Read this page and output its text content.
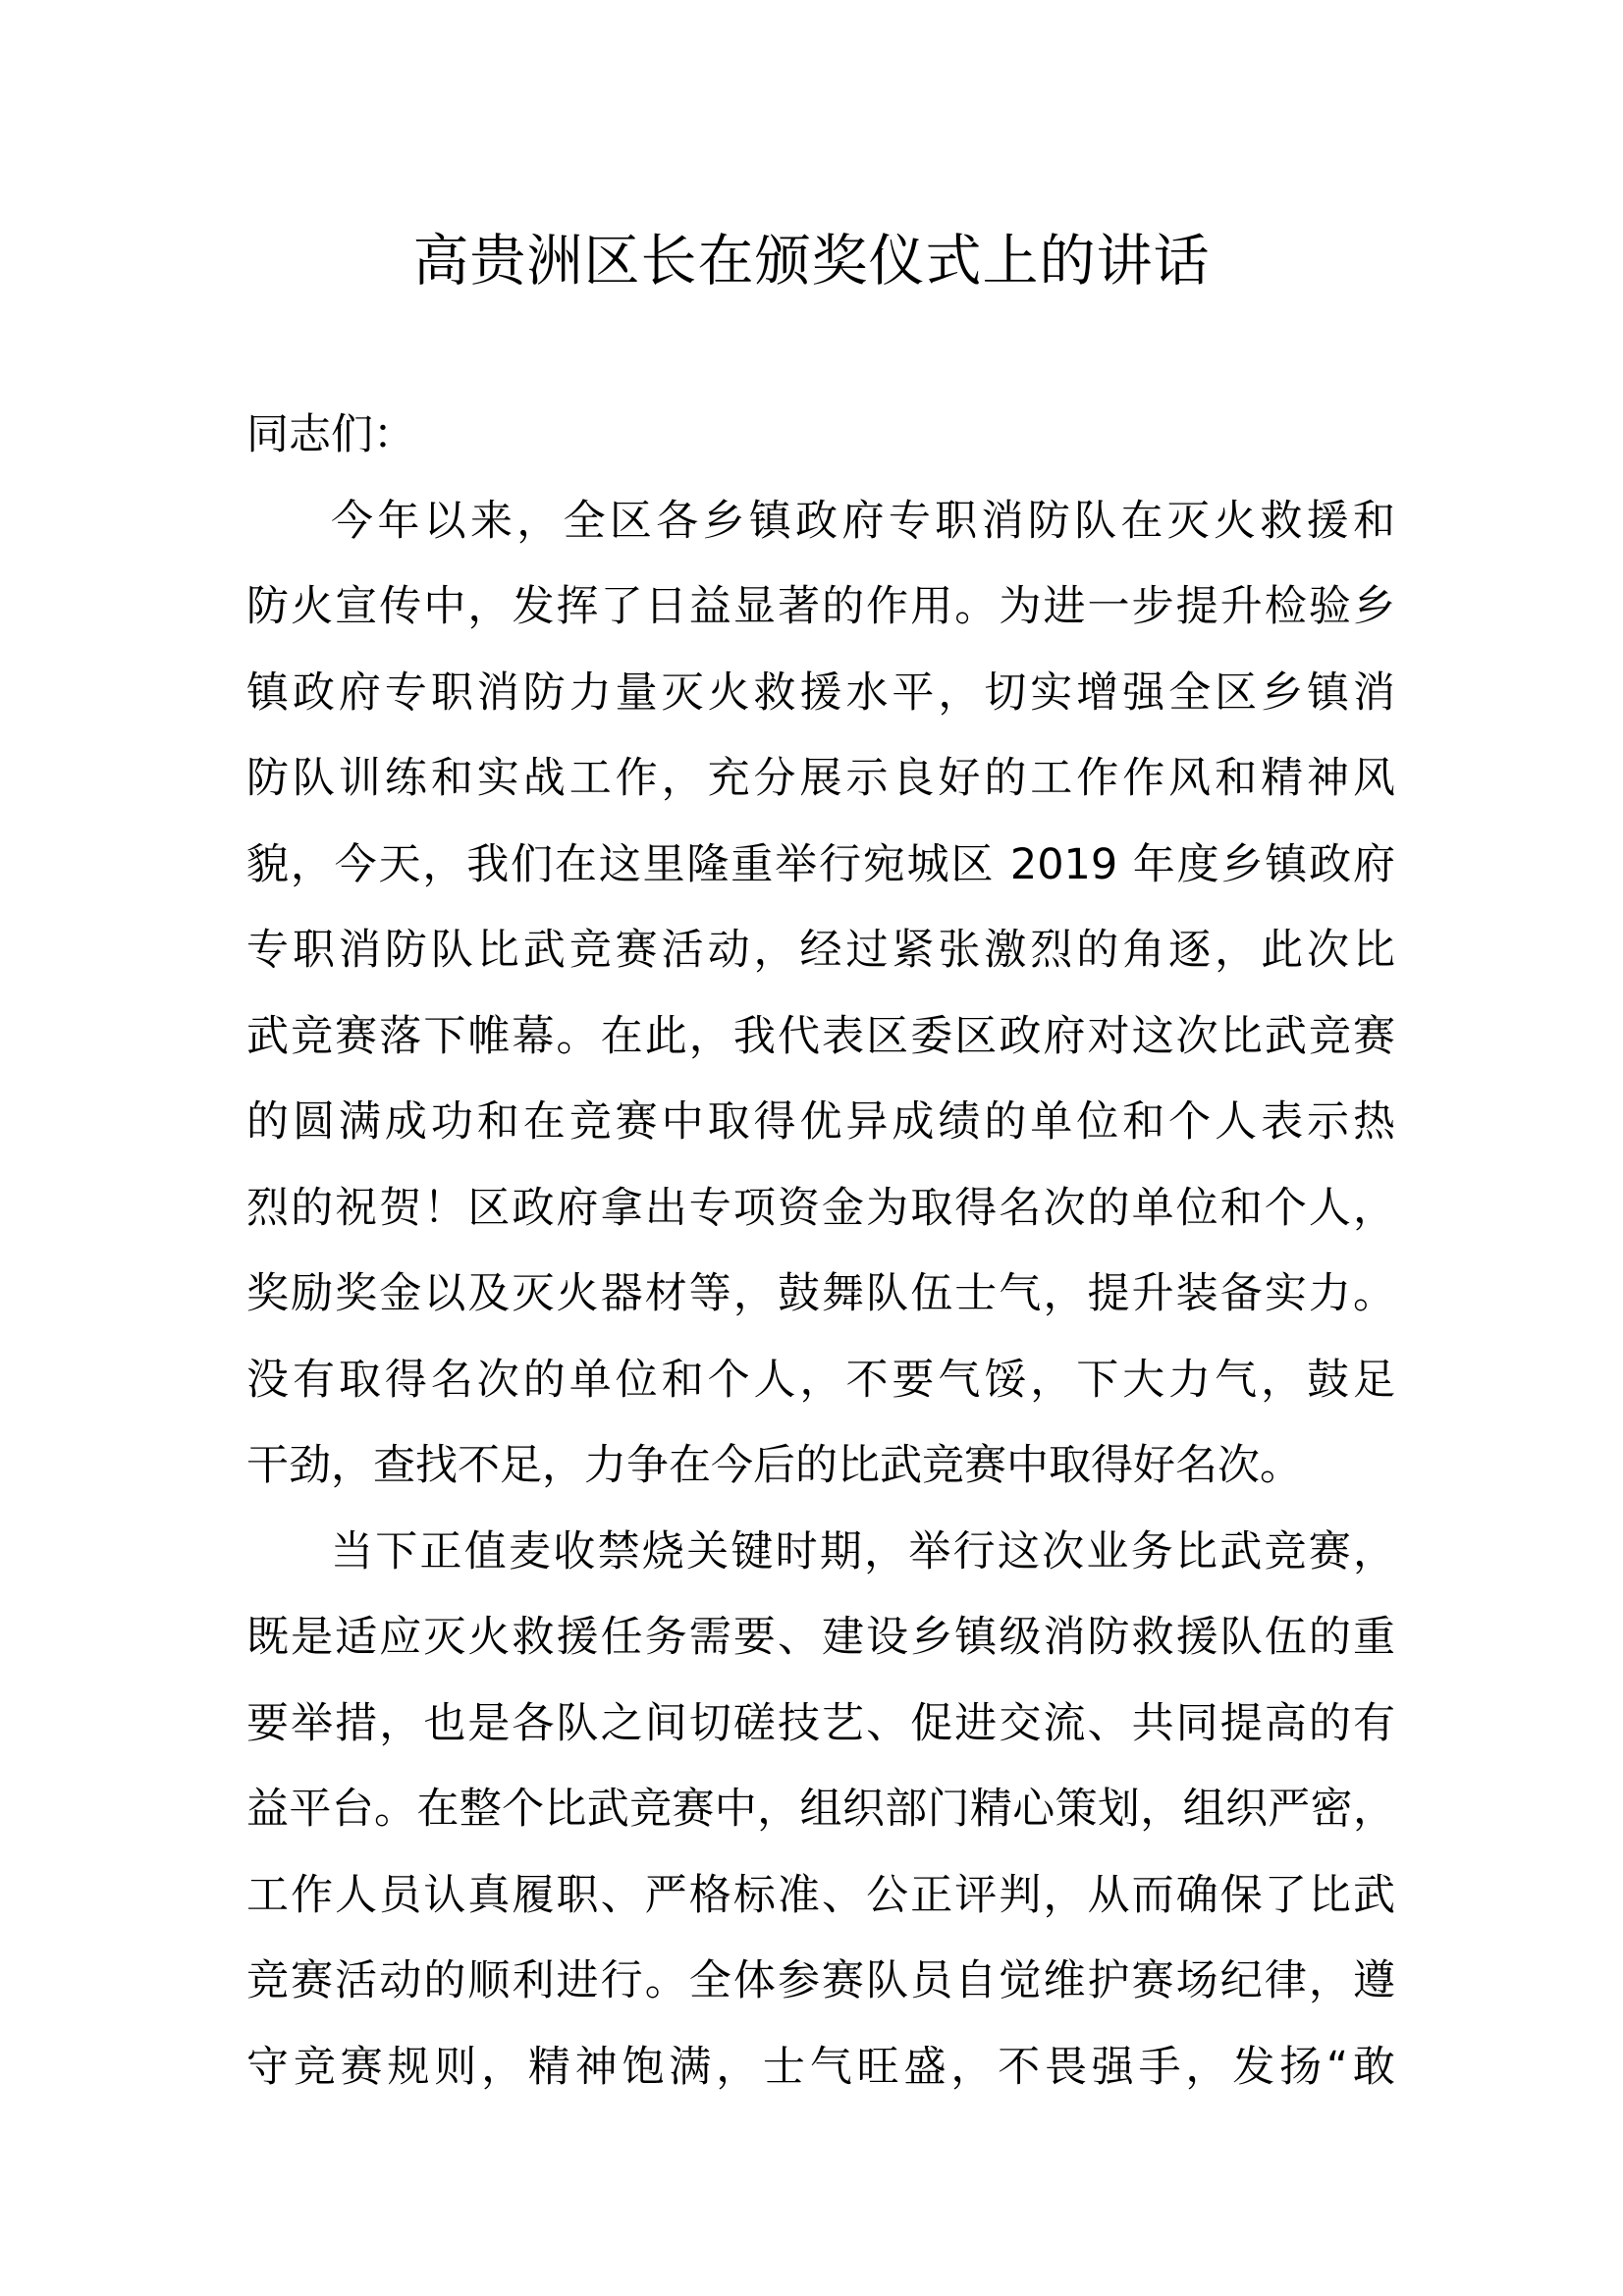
高贵洲区长在颁奖仪式上的讲话
同志们：
今年以来，全区各乡镇政府专职消防队在灭火救援和
防火宣传中，发挥了日益显著的作用。为进一步提升检验乡
镇政府专职消防力量灭火救援水平，切实增强全区乡镇消
防队训练和实战工作，充分展示良好的工作作风和精神风
貌，今天，我们在这里隆重举行宛城区 2019 年度乡镇政府
专职消防队比武竞赛活动，经过紧张激烈的角逐，此次比
武竞赛落下帷幕。在此，我代表区委区政府对这次比武竞赛
的圆满成功和在竞赛中取得优异成绩的单位和个人表示热
烈的祝贺！区政府拿出专项资金为取得名次的单位和个人，
奖励奖金以及灭火器材等，鼓舞队伍士气，提升装备实力。
没有取得名次的单位和个人，不要气馁，下大力气，鼓足
干劲，查找不足，力争在今后的比武竞赛中取得好名次。
当下正值麦收禁烧关键时期，举行这次业务比武竞赛，
既是适应灭火救援任务需要、建设乡镇级消防救援队伍的重
要举措，也是各队之间切磋技艺、促进交流、共同提高的有
益平台。在整个比武竞赛中，组织部门精心策划，组织严密，
工作人员认真履职、严格标准、公正评判，从而确保了比武
竞赛活动的顺利进行。全体参赛队员自觉维护赛场纪律，遵
守竞赛规则，精神饱满，士气旺盛，不畏强手，发扬“敢
